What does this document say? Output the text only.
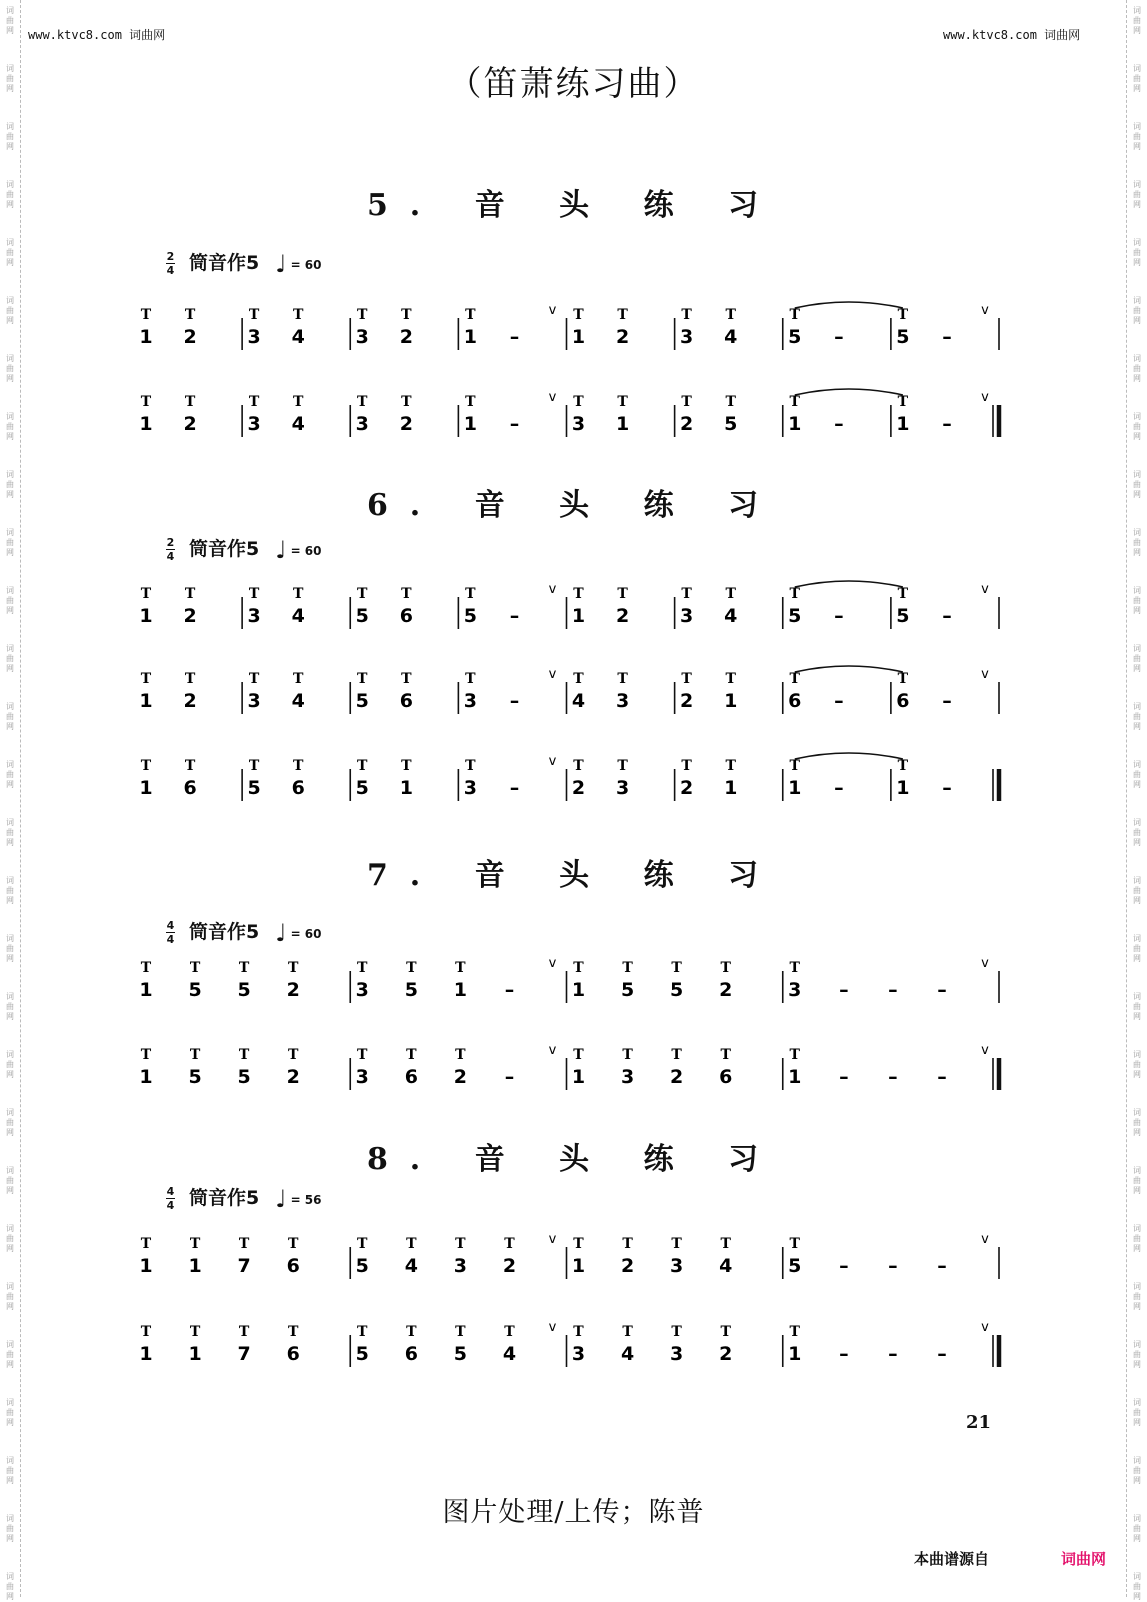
词
曲
网
词
曲
网
词
曲
网
词
曲
网
词
曲
网
词
曲
网
词
曲
网
词
曲
网
词
曲
网
词
曲
网
词
曲
网
词
曲
网
词
曲
网
词
曲
网
词
曲
网
词
曲
网
词
曲
网
词
曲
网
词
曲
网
词
曲
网
词
曲
网
词
曲
网
词
曲
网
词
曲
网
词
曲
网
词
曲
网
词
曲
网
词
曲
网
词
曲
网
词
曲
网
词
曲
网
词
曲
网
词
曲
网
词
曲
网
词
曲
网
词
曲
网
词
曲
网
词
曲
网
词
曲
网
词
曲
网
词
曲
网
词
曲
网
词
曲
网
词
曲
网
词
曲
网
词
曲
网
词
曲
网
词
曲
网
词
曲
网
词
曲
网
词
曲
网
词
曲
网
词
曲
网
词
曲
网
词
曲
网
词
曲
网
www.ktvc8.com 词曲网	www.ktvc8.com 词曲网
（笛萧练习曲）
5. 音 头 练 习
6. 音 头 练 习
7. 音 头 练 习
8. 音 头 练 习
$\frac{2}{4}$ 筒音作5 ♩ = 60
$\frac{2}{4}$ 筒音作5 ♩ = 60
$\frac{4}{4}$ 筒音作5 ♩ = 60
$\frac{4}{4}$ 筒音作5 ♩ = 56
1
T
2
T
3
T
4
T
3
T
2
T
1
T
–
v
1
T
2
T
3
T
4
T
5
T
–	5
T
–
v
1
T
2
T
3
T
4
T
3
T
2
T
1
T
–
v
3
T
1
T
2
T
5
T
1
T
–	1
T
–
v
1
T
2
T
3
T
4
T
5
T
6
T
5
T
–
v
1
T
2
T
3
T
4
T
5
T
–	5
T
–
v
1
T
2
T
3
T
4
T
5
T
6
T
3
T
–
v
4
T
3
T
2
T
1
T
6
T
–	6
T
–
v
1
T
6
T
5
T
6
T
5
T
1
T
3
T
–
v
2
T
3
T
2
T
1
T
1
T
–	1
T
–
1
T
5
T
5
T
2
T
3
T
5
T
1
T
–
v
1
T
5
T
5
T
2
T
3
T
– – –
v
1
T
5
T
5
T
2
T
3
T
6
T
2
T
–
v
1
T
3
T
2
T
6
T
1
T
– – –
v
1
T
1
T
7
T
6
T
5
T
4
T
3
T
2
T	v
1
T
2
T
3
T
4
T
5
T
– – –
v
1
T
1
T
7
T
6
T
5
T
6
T
5
T
4
T	v
3
T
4
T
3
T
2
T
1
T
– – –
v
21
图片处理/上传；陈普
本曲谱源自	词曲网
